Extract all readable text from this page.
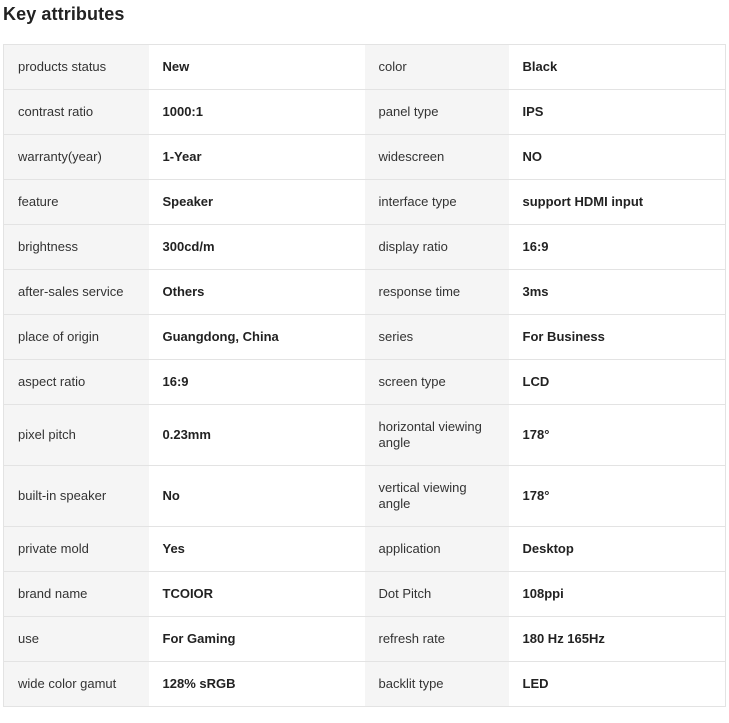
Key attributes
products status	New	color	Black
contrast ratio	1000:1	panel type	IPS
warranty(year)	1-Year	widescreen	NO
feature	Speaker	interface type	support HDMI input
brightness	300cd/m	display ratio	16:9
after-sales service	Others	response time	3ms
place of origin	Guangdong, China	series	For Business
aspect ratio	16:9	screen type	LCD
pixel pitch	0.23mm	horizontal viewing angle	178°
built-in speaker	No	vertical viewing angle	178°
private mold	Yes	application	Desktop
brand name	TCOIOR	Dot Pitch	108ppi
use	For Gaming	refresh rate	180 Hz 165Hz
wide color gamut	128% sRGB	backlit type	LED
